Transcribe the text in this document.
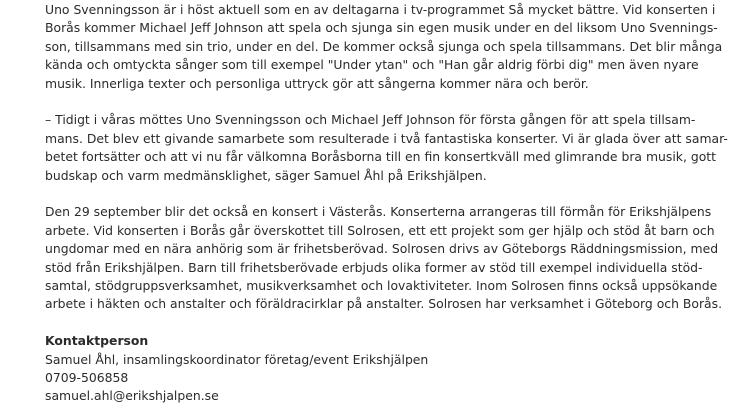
Uno Svenningsson är i höst aktuell som en av deltagarna i tv-programmet Så mycket bättre. Vid konserten i
Borås kommer Michael Jeff Johnson att spela och sjunga sin egen musik under en del liksom Uno Svennings-
son, tillsammans med sin trio, under en del. De kommer också sjunga och spela tillsammans. Det blir många
kända och omtyckta sånger som till exempel "Under ytan" och "Han går aldrig förbi dig" men även nyare
musik. Innerliga texter och personliga uttryck gör att sångerna kommer nära och berör.

– Tidigt i våras möttes Uno Svenningsson och Michael Jeff Johnson för första gången för att spela tillsam-
mans. Det blev ett givande samarbete som resulterade i två fantastiska konserter. Vi är glada över att samar-
betet fortsätter och att vi nu får välkomna Boråsborna till en fin konsertkväll med glimrande bra musik, gott
budskap och varm medmänsklighet, säger Samuel Åhl på Erikshjälpen.

Den 29 september blir det också en konsert i Västerås. Konserterna arrangeras till förmån för Erikshjälpens
arbete. Vid konserten i Borås går överskottet till Solrosen, ett ett projekt som ger hjälp och stöd åt barn och
ungdomar med en nära anhörig som är frihetsberövad. Solrosen drivs av Göteborgs Räddningsmission, med
stöd från Erikshjälpen. Barn till frihetsberövade erbjuds olika former av stöd till exempel individuella stöd-
samtal, stödgruppsverksamhet, musikverksamhet och lovaktiviteter. Inom Solrosen finns också uppsökande
arbete i häkten och anstalter och föräldracirklar på anstalter. Solrosen har verksamhet i Göteborg och Borås.

Kontaktperson
Samuel Åhl, insamlingskoordinator företag/event Erikshjälpen
0709-506858
samuel.ahl@erikshjalpen.se
